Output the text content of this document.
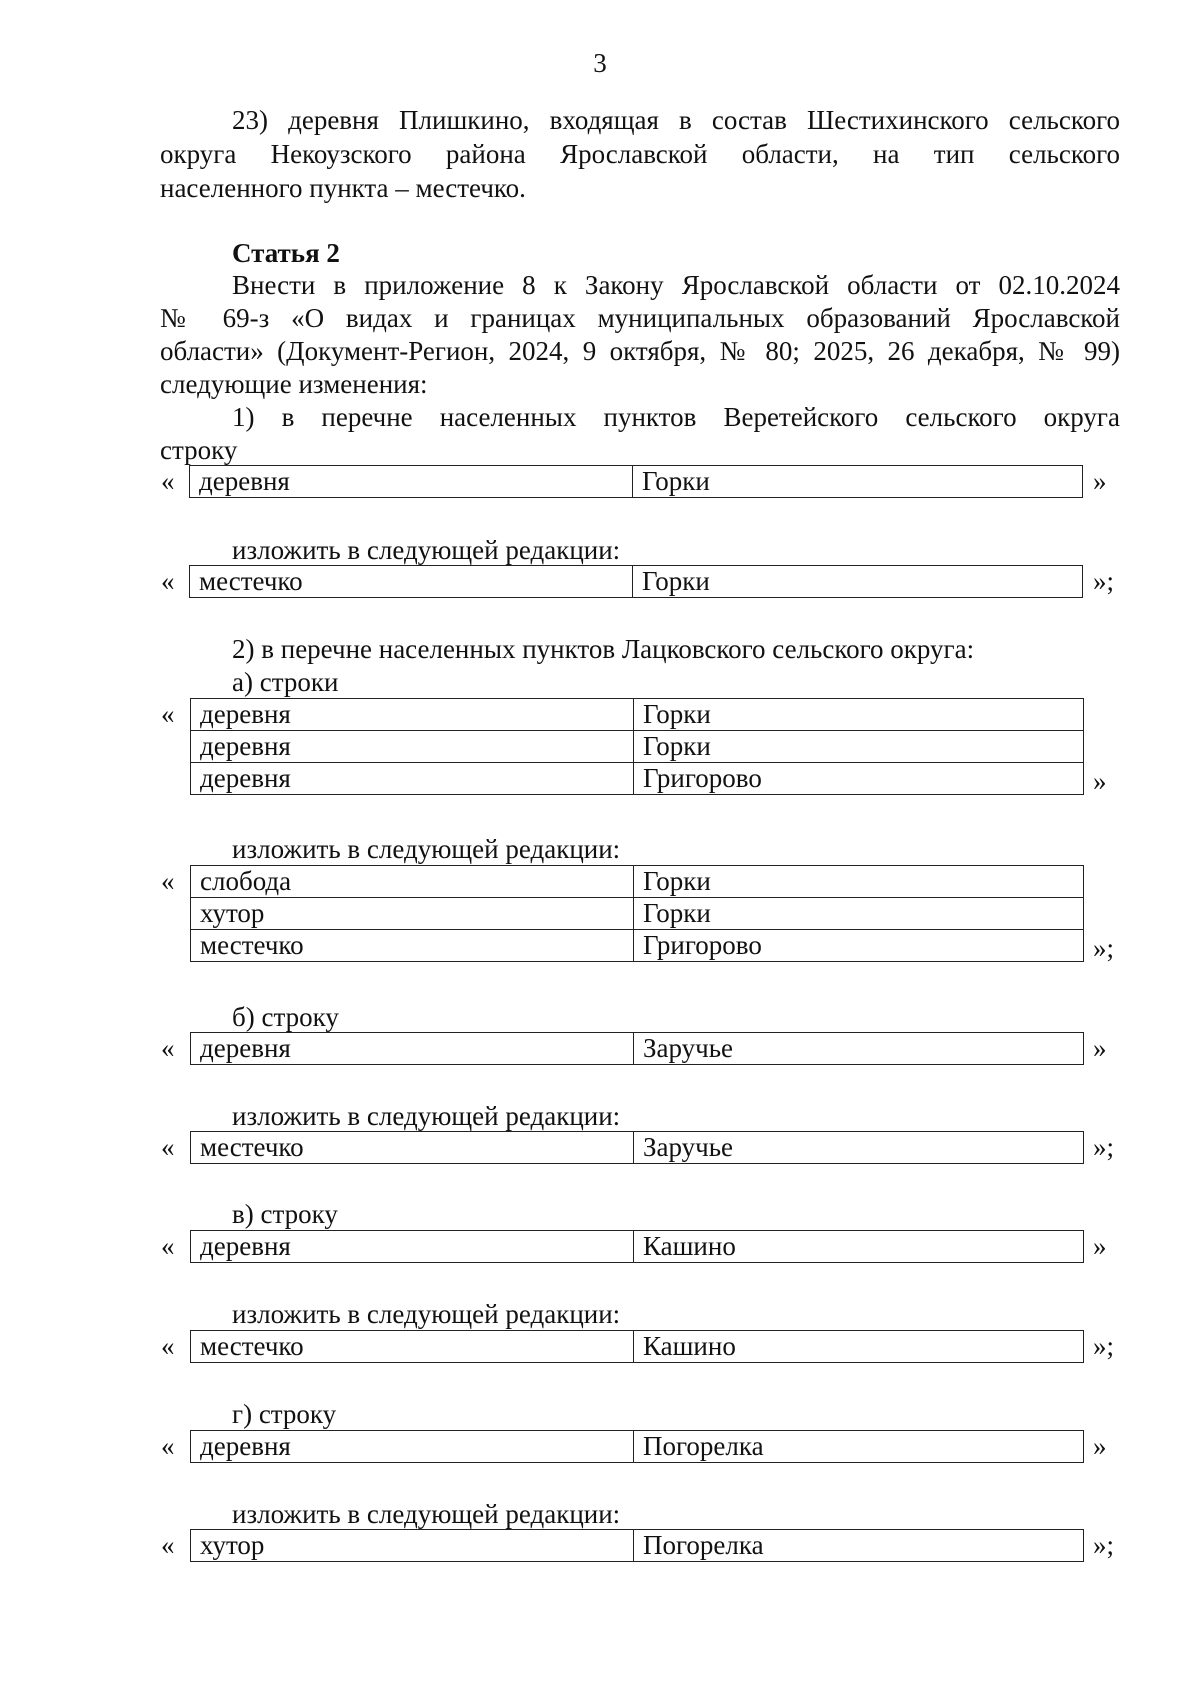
3

23) деревня Плишкино, входящая в состав Шестихинского сельского

округа Некоузского района Ярославской области, на тип сельского

населенного пункта – местечко.

Статья 2

Внести в приложение 8 к Закону Ярославской области от 02.10.2024

№ 69-з «О видах и границах муниципальных образований Ярославской

области» (Документ-Регион, 2024, 9 октября, № 80; 2025, 26 декабря, № 99)

следующие изменения:

1) в перечне населенных пунктов Веретейского сельского округа

строку

« деревня	Горки	»

изложить в следующей редакции:

« местечко	Горки	»;

2) в перечне населенных пунктов Лацковского сельского округа:

а) строки

« деревня	Горки
деревня	Горки
деревня	Григорово	»

изложить в следующей редакции:

« слобода	Горки
хутор	Горки
местечко	Григорово	»;

б) строку

« деревня	Заручье	»

изложить в следующей редакции:

« местечко	Заручье	»;

в) строку

« деревня	Кашино	»

изложить в следующей редакции:

« местечко	Кашино	»;

г) строку

« деревня	Погорелка	»

изложить в следующей редакции:

« хутор	Погорелка	»;
